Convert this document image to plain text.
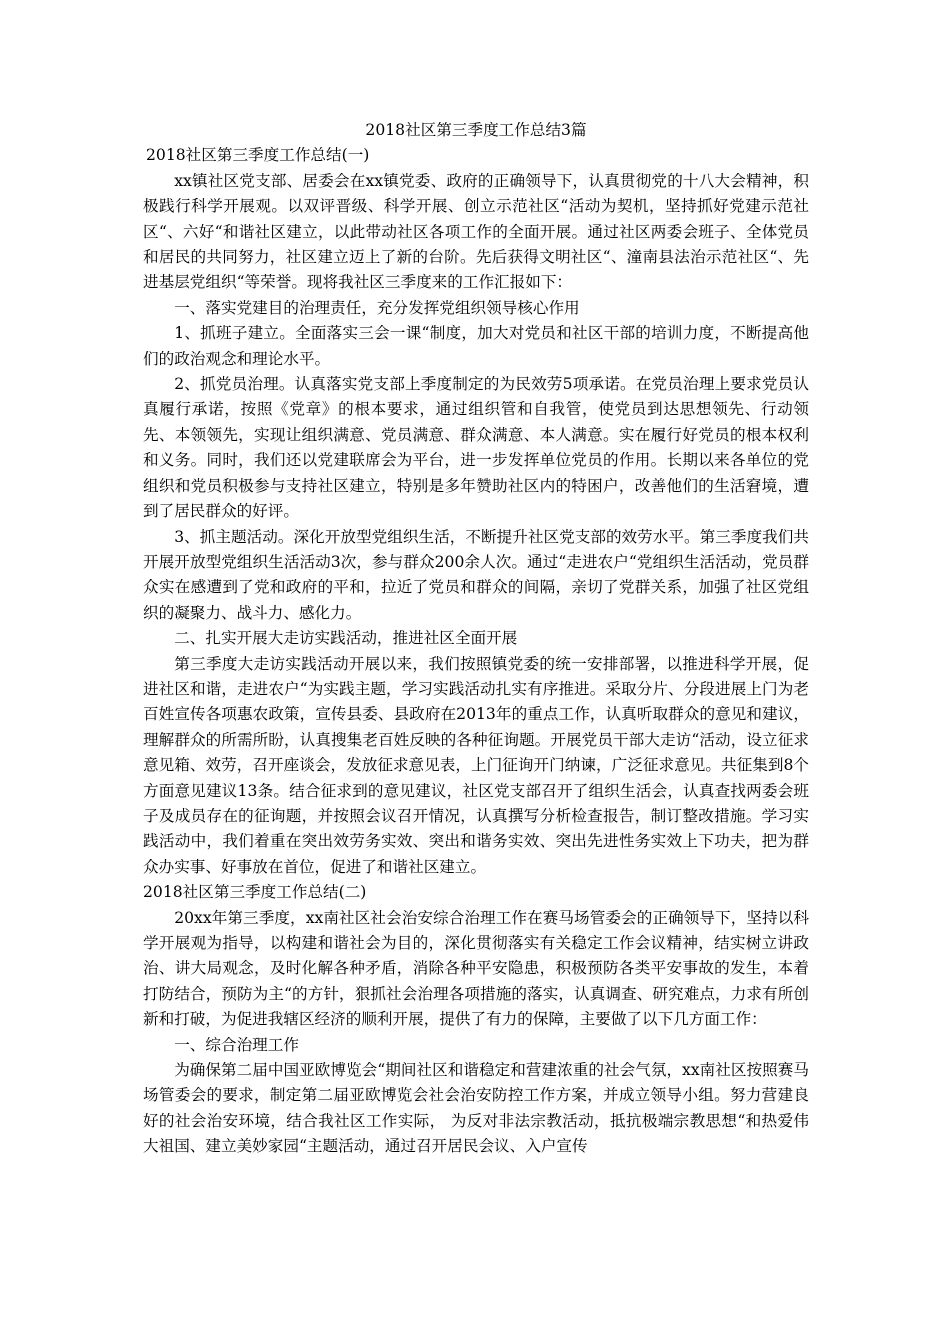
2018社区第三季度工作总结3篇

2018社区第三季度工作总结(一)

xx镇社区党支部、居委会在xx镇党委、政府的正确领导下，认真贯彻党的十八大会精神，积极践行科学开展观。以双评晋级、科学开展、创立示范社区“活动为契机，坚持抓好党建示范社区“、六好“和谐社区建立，以此带动社区各项工作的全面开展。通过社区两委会班子、全体党员和居民的共同努力，社区建立迈上了新的台阶。先后获得文明社区“、潼南县法治示范社区“、先进基层党组织“等荣誉。现将我社区三季度来的工作汇报如下：

一、落实党建目的治理责任，充分发挥党组织领导核心作用

1、抓班子建立。全面落实三会一课“制度，加大对党员和社区干部的培训力度，不断提高他们的政治观念和理论水平。

2、抓党员治理。认真落实党支部上季度制定的为民效劳5项承诺。在党员治理上要求党员认真履行承诺，按照《党章》的根本要求，通过组织管和自我管，使党员到达思想领先、行动领先、本领领先，实现让组织满意、党员满意、群众满意、本人满意。实在履行好党员的根本权利和义务。同时，我们还以党建联席会为平台，进一步发挥单位党员的作用。长期以来各单位的党组织和党员积极参与支持社区建立，特别是多年赞助社区内的特困户，改善他们的生活窘境，遭到了居民群众的好评。

3、抓主题活动。深化开放型党组织生活，不断提升社区党支部的效劳水平。第三季度我们共开展开放型党组织生活活动3次，参与群众200余人次。通过“走进农户“党组织生活活动，党员群众实在感遭到了党和政府的平和，拉近了党员和群众的间隔，亲切了党群关系，加强了社区党组织的凝聚力、战斗力、感化力。

二、扎实开展大走访实践活动，推进社区全面开展

第三季度大走访实践活动开展以来，我们按照镇党委的统一安排部署，以推进科学开展，促进社区和谐，走进农户“为实践主题，学习实践活动扎实有序推进。采取分片、分段进展上门为老百姓宣传各项惠农政策，宣传县委、县政府在2013年的重点工作，认真听取群众的意见和建议，理解群众的所需所盼，认真搜集老百姓反映的各种征询题。开展党员干部大走访“活动，设立征求意见箱、效劳，召开座谈会，发放征求意见表，上门征询开门纳谏，广泛征求意见。共征集到8个方面意见建议13条。结合征求到的意见建议，社区党支部召开了组织生活会，认真查找两委会班子及成员存在的征询题，并按照会议召开情况，认真撰写分析检查报告，制订整改措施。学习实践活动中，我们着重在突出效劳务实效、突出和谐务实效、突出先进性务实效上下功夫，把为群众办实事、好事放在首位，促进了和谐社区建立。

2018社区第三季度工作总结(二)

20xx年第三季度，xx南社区社会治安综合治理工作在赛马场管委会的正确领导下，坚持以科学开展观为指导，以构建和谐社会为目的，深化贯彻落实有关稳定工作会议精神，结实树立讲政治、讲大局观念，及时化解各种矛盾，消除各种平安隐患，积极预防各类平安事故的发生，本着打防结合，预防为主“的方针，狠抓社会治理各项措施的落实，认真调查、研究难点，力求有所创新和打破，为促进我辖区经济的顺利开展，提供了有力的保障，主要做了以下几方面工作：

一、综合治理工作

为确保第二届中国亚欧博览会“期间社区和谐稳定和营建浓重的社会气氛，xx南社区按照赛马场管委会的要求，制定第二届亚欧博览会社会治安防控工作方案，并成立领导小组。努力营建良好的社会治安环境，结合我社区工作实际， 为反对非法宗教活动，抵抗极端宗教思想“和热爱伟大祖国、建立美妙家园“主题活动，通过召开居民会议、入户宣传
